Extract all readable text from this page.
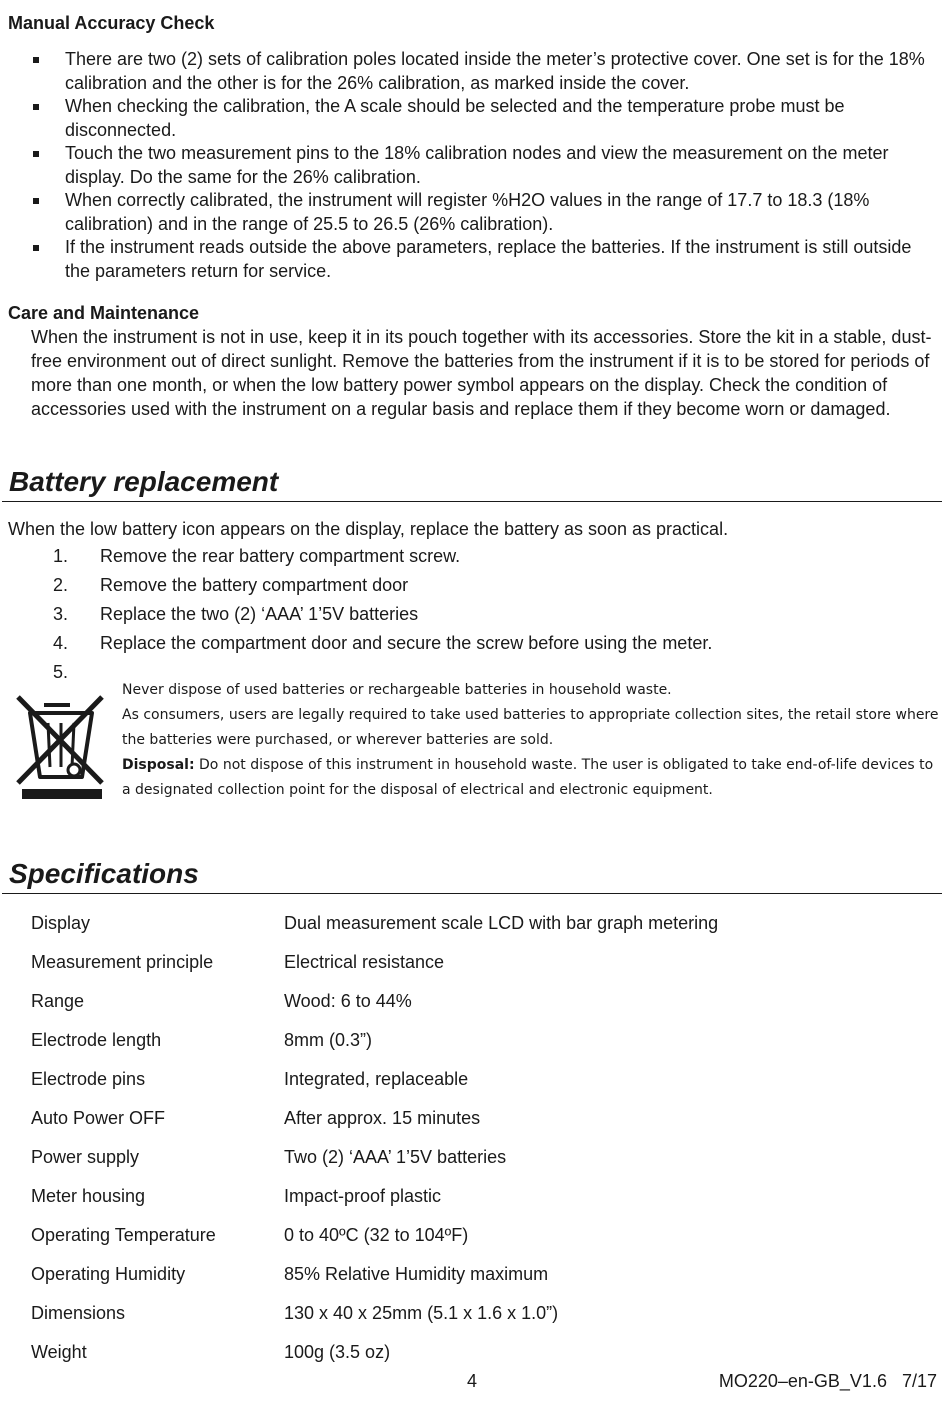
Manual Accuracy Check
There are two (2) sets of calibration poles located inside the meter’s protective cover. One set is for the 18% calibration and the other is for the 26% calibration, as marked inside the cover.
When checking the calibration, the A scale should be selected and the temperature probe must be disconnected.
Touch the two measurement pins to the 18% calibration nodes and view the measurement on the meter display. Do the same for the 26% calibration.
When correctly calibrated, the instrument will register %H2O values in the range of 17.7 to 18.3 (18% calibration) and in the range of 25.5 to 26.5 (26% calibration).
If the instrument reads outside the above parameters, replace the batteries. If the instrument is still outside the parameters return for service.
Care and Maintenance

When the instrument is not in use, keep it in its pouch together with its accessories. Store the kit in a stable, dust-free environment out of direct sunlight. Remove the batteries from the instrument if it is to be stored for periods of more than one month, or when the low battery power symbol appears on the display. Check the condition of accessories used with the instrument on a regular basis and replace them if they become worn or damaged.

Battery replacement
When the low battery icon appears on the display, replace the battery as soon as practical.
1. Remove the rear battery compartment screw.
2. Remove the battery compartment door
3. Replace the two (2) ‘AAA’ 1’5V batteries
4. Replace the compartment door and secure the screw before using the meter.
5.

Never dispose of used batteries or rechargeable batteries in household waste.

As consumers, users are legally required to take used batteries to appropriate collection sites, the retail store where the batteries were purchased, or wherever batteries are sold.

Disposal: Do not dispose of this instrument in household waste. The user is obligated to take end-of-life devices to a designated collection point for the disposal of electrical and electronic equipment.

Specifications
Display	Dual measurement scale LCD with bar graph metering
Measurement principle	Electrical resistance
Range	Wood: 6 to 44%
Electrode length	8mm (0.3”)
Electrode pins	Integrated, replaceable
Auto Power OFF	After approx. 15 minutes
Power supply	Two (2) ‘AAA’ 1’5V batteries
Meter housing	Impact-proof plastic
Operating Temperature	0 to 40ºC (32 to 104ºF)
Operating Humidity	85% Relative Humidity maximum
Dimensions	130 x 40 x 25mm (5.1 x 1.6 x 1.0”)
Weight	100g (3.5 oz)
4	MO220–en-GB_V1.6   7/17
